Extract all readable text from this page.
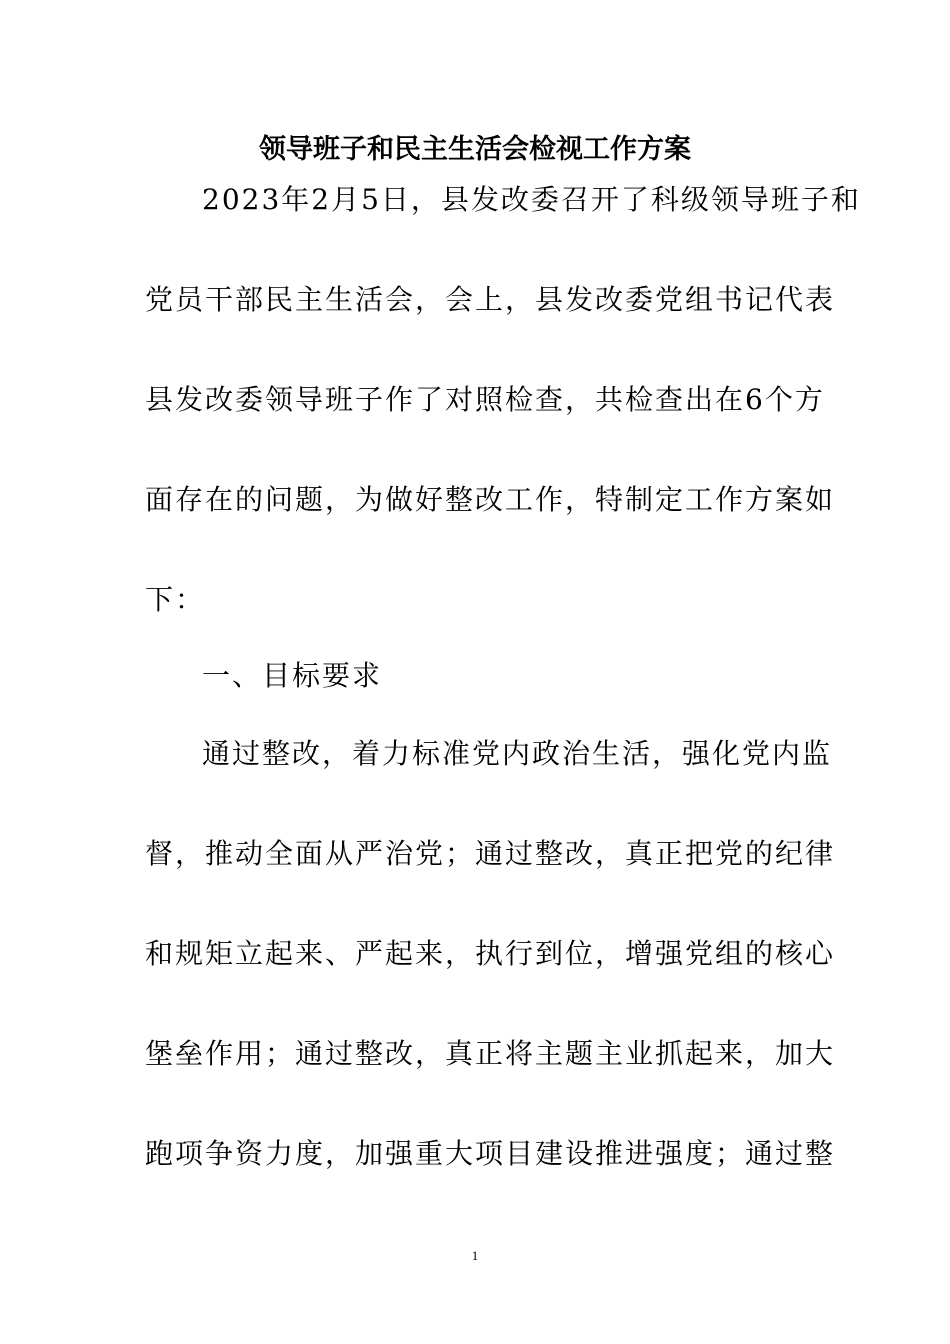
领导班子和民主生活会检视工作方案
2023年2月5日，县发改委召开了科级领导班子和
党员干部民主生活会，会上，县发改委党组书记代表
县发改委领导班子作了对照检查，共检查出在6个方
面存在的问题，为做好整改工作，特制定工作方案如
下：
一、目标要求
通过整改，着力标准党内政治生活，强化党内监
督，推动全面从严治党；通过整改，真正把党的纪律
和规矩立起来、严起来，执行到位，增强党组的核心
堡垒作用；通过整改，真正将主题主业抓起来，加大
跑项争资力度，加强重大项目建设推进强度；通过整
1
